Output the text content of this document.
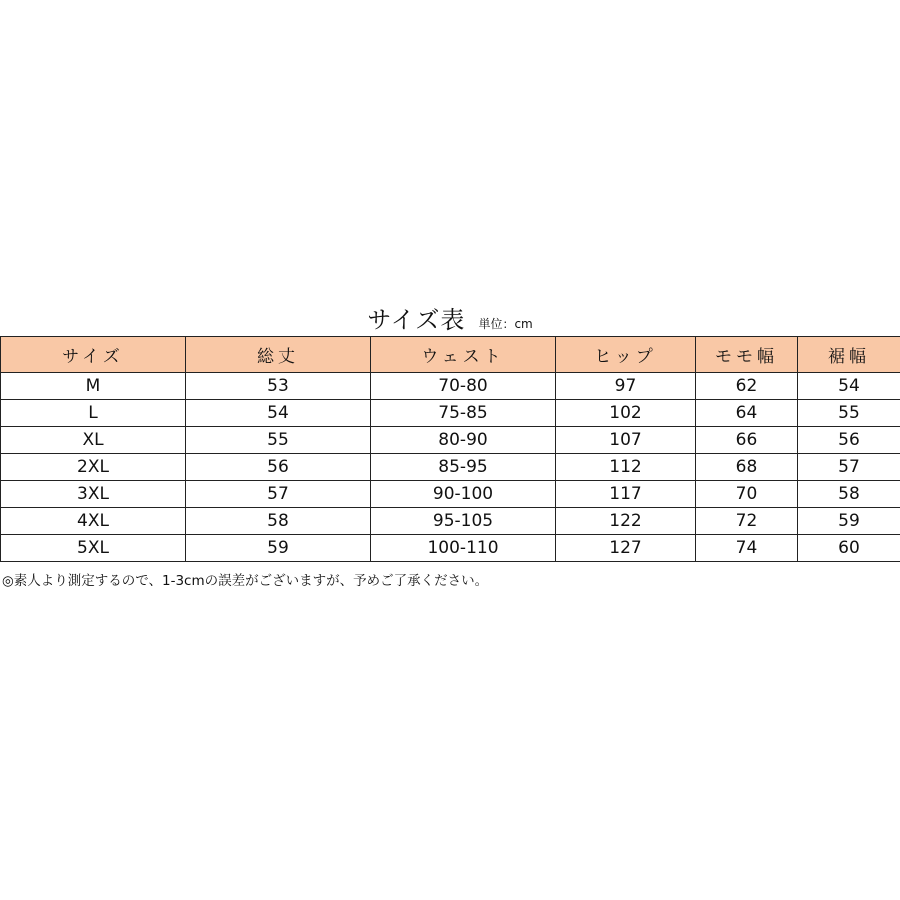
サイズ表 単位：cm
サイズ	総丈	ウェスト	ヒップ	モモ幅	裾幅
M	53	70-80	97	62	54
L	54	75-85	102	64	55
XL	55	80-90	107	66	56
2XL	56	85-95	112	68	57
3XL	57	90-100	117	70	58
4XL	58	95-105	122	72	59
5XL	59	100-110	127	74	60
◎素人より測定するので、1-3cmの誤差がございますが、予めご了承ください。
